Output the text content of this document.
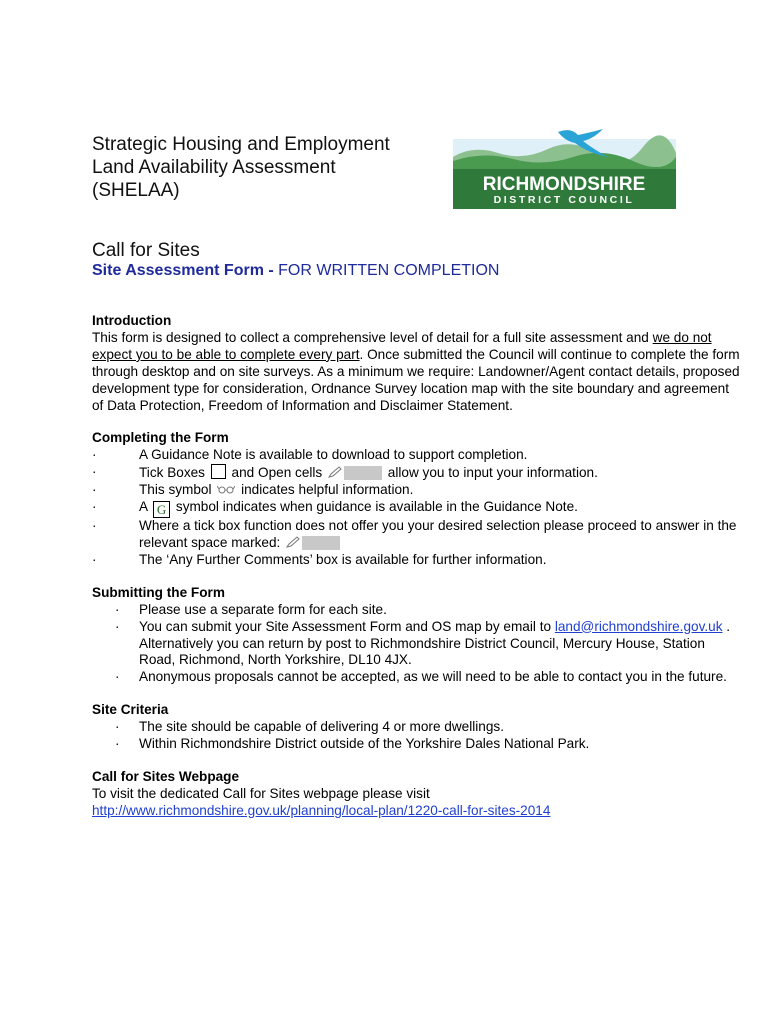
Strategic Housing and Employment
Land Availability Assessment
(SHELAA)	RICHMONDSHIRE
DISTRICT COUNCIL
Call for Sites
Site Assessment Form - FOR WRITTEN COMPLETION
Introduction

This form is designed to collect a comprehensive level of detail for a full site assessment and we do not expect you to be able to complete every part. Once submitted the Council will continue to complete the form through desktop and on site surveys. As a minimum we require: Landowner/Agent contact details, proposed development type for consideration, Ordnance Survey location map with the site boundary and agreement of Data Protection, Freedom of Information and Disclaimer Statement.

Completing the Form
·	A Guidance Note is available to download to support completion.
·	Tick Boxes and Open cells	allow you to input your information.
·	This symbol indicates helpful information.
·	A G symbol indicates when guidance is available in the Guidance Note.
·	Where a tick box function does not offer you your desired selection please proceed to answer in the relevant space marked:
·	The ‘Any Further Comments’ box is available for further information.
Submitting the Form
· Please use a separate form for each site.
· You can submit your Site Assessment Form and OS map by email to land@richmondshire.gov.uk . Alternatively you can return by post to Richmondshire District Council, Mercury House, Station Road, Richmond, North Yorkshire, DL10 4JX.
· Anonymous proposals cannot be accepted, as we will need to be able to contact you in the future.
Site Criteria
· The site should be capable of delivering 4 or more dwellings.
· Within Richmondshire District outside of the Yorkshire Dales National Park.
Call for Sites Webpage
To visit the dedicated Call for Sites webpage please visit
http://www.richmondshire.gov.uk/planning/local-plan/1220-call-for-sites-2014
